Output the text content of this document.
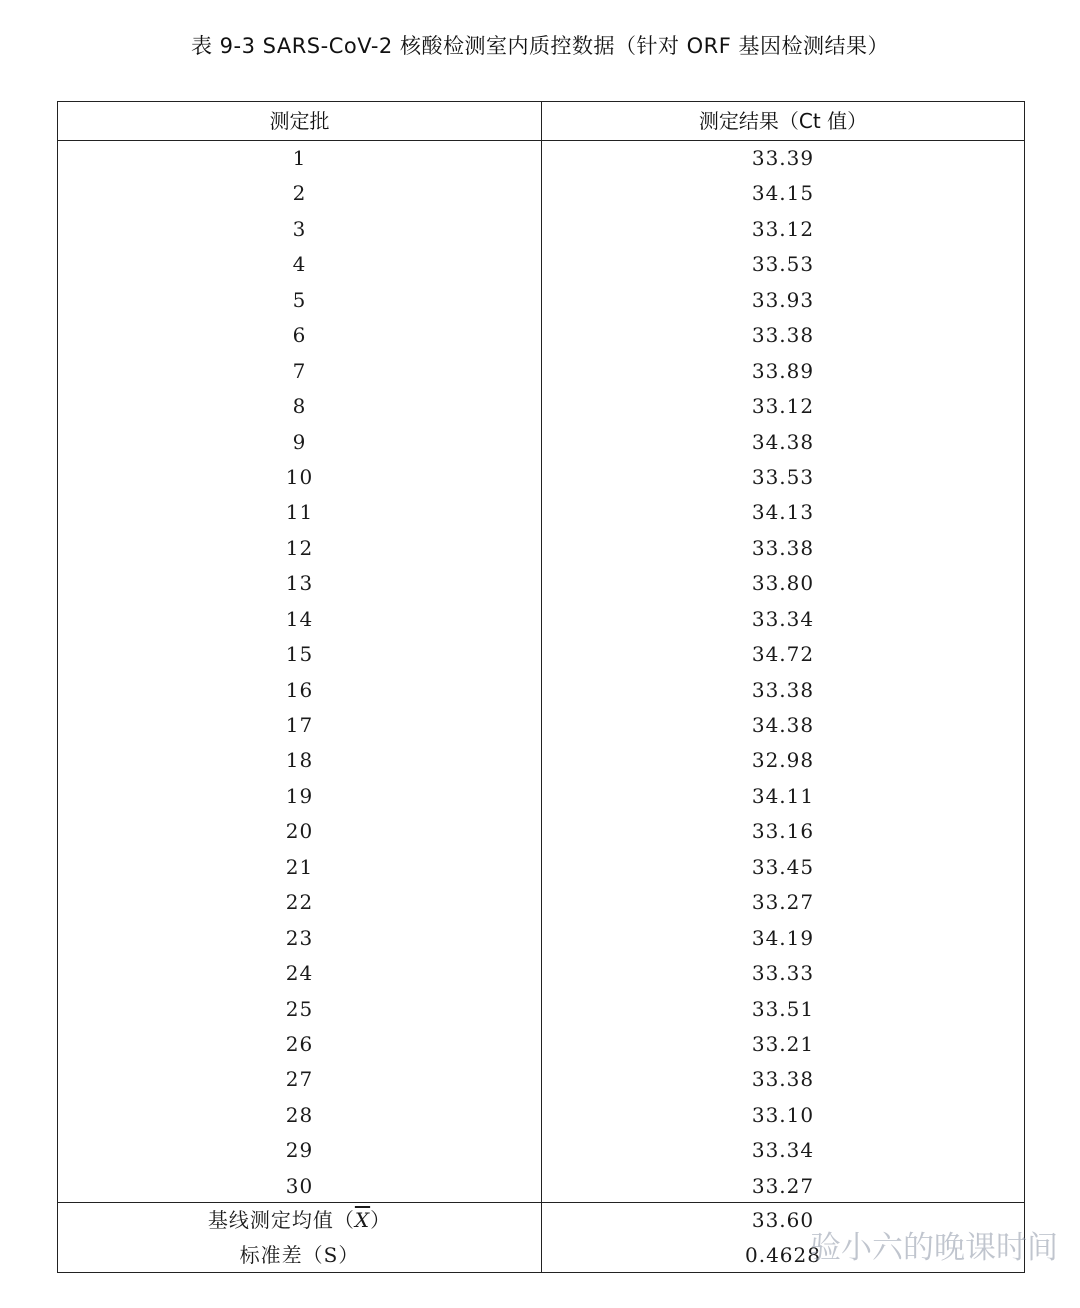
表 9-3 SARS-CoV-2 核酸检测室内质控数据（针对 ORF 基因检测结果）
测定批	测定结果（Ct 值）
1	33.39
2	34.15
3	33.12
4	33.53
5	33.93
6	33.38
7	33.89
8	33.12
9	34.38
10	33.53
11	34.13
12	33.38
13	33.80
14	33.34
15	34.72
16	33.38
17	34.38
18	32.98
19	34.11
20	33.16
21	33.45
22	33.27
23	34.19
24	33.33
25	33.51
26	33.21
27	33.38
28	33.10
29	33.34
30	33.27
基线测定均值$(\overline{X})$	33.60
标准差（S）	0.4628
验小六的晚课时间
